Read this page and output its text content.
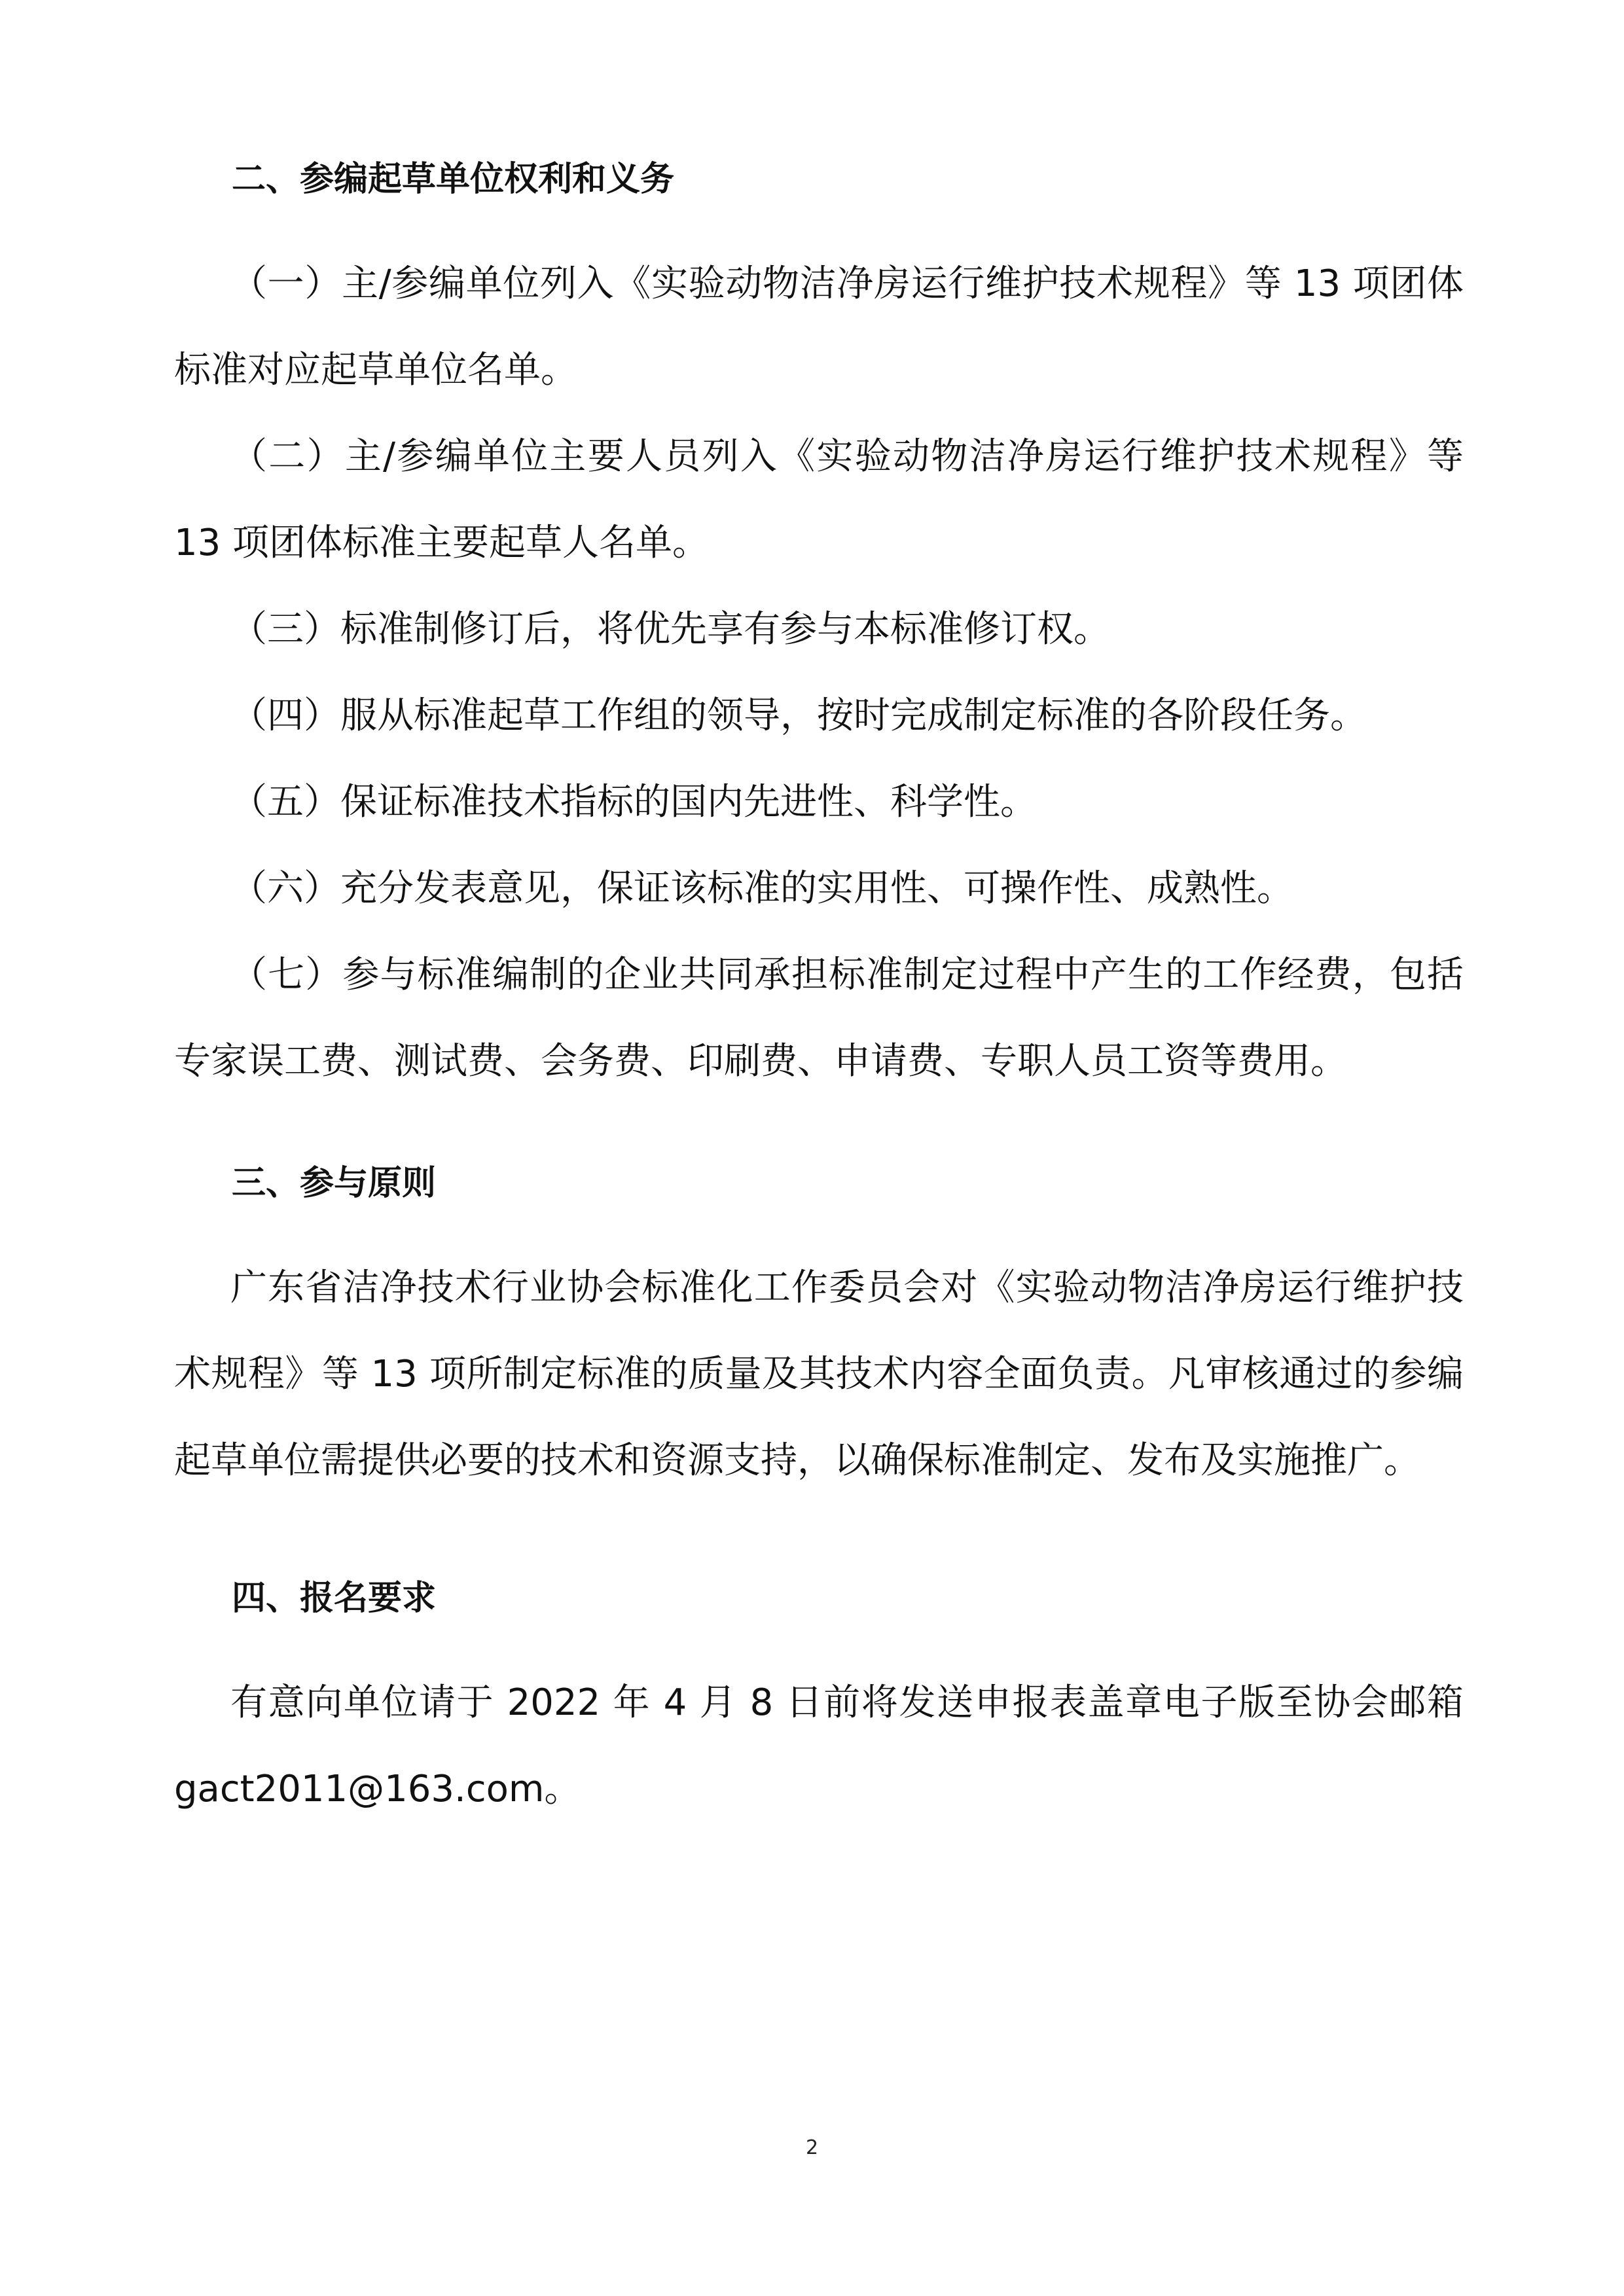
二、参编起草单位权利和义务

（一）主/参编单位列入《实验动物洁净房运行维护技术规程》等 13 项团体标准对应起草单位名单。

（二）主/参编单位主要人员列入《实验动物洁净房运行维护技术规程》等 13 项团体标准主要起草人名单。

（三）标准制修订后，将优先享有参与本标准修订权。

（四）服从标准起草工作组的领导，按时完成制定标准的各阶段任务。

（五）保证标准技术指标的国内先进性、科学性。

（六）充分发表意见，保证该标准的实用性、可操作性、成熟性。

（七）参与标准编制的企业共同承担标准制定过程中产生的工作经费，包括专家误工费、测试费、会务费、印刷费、申请费、专职人员工资等费用。

三、参与原则

广东省洁净技术行业协会标准化工作委员会对《实验动物洁净房运行维护技术规程》等 13 项所制定标准的质量及其技术内容全面负责。凡审核通过的参编起草单位需提供必要的技术和资源支持，以确保标准制定、发布及实施推广。

四、报名要求

有意向单位请于 2022 年 4 月 8 日前将发送申报表盖章电子版至协会邮箱 gact2011@163.com。

2
